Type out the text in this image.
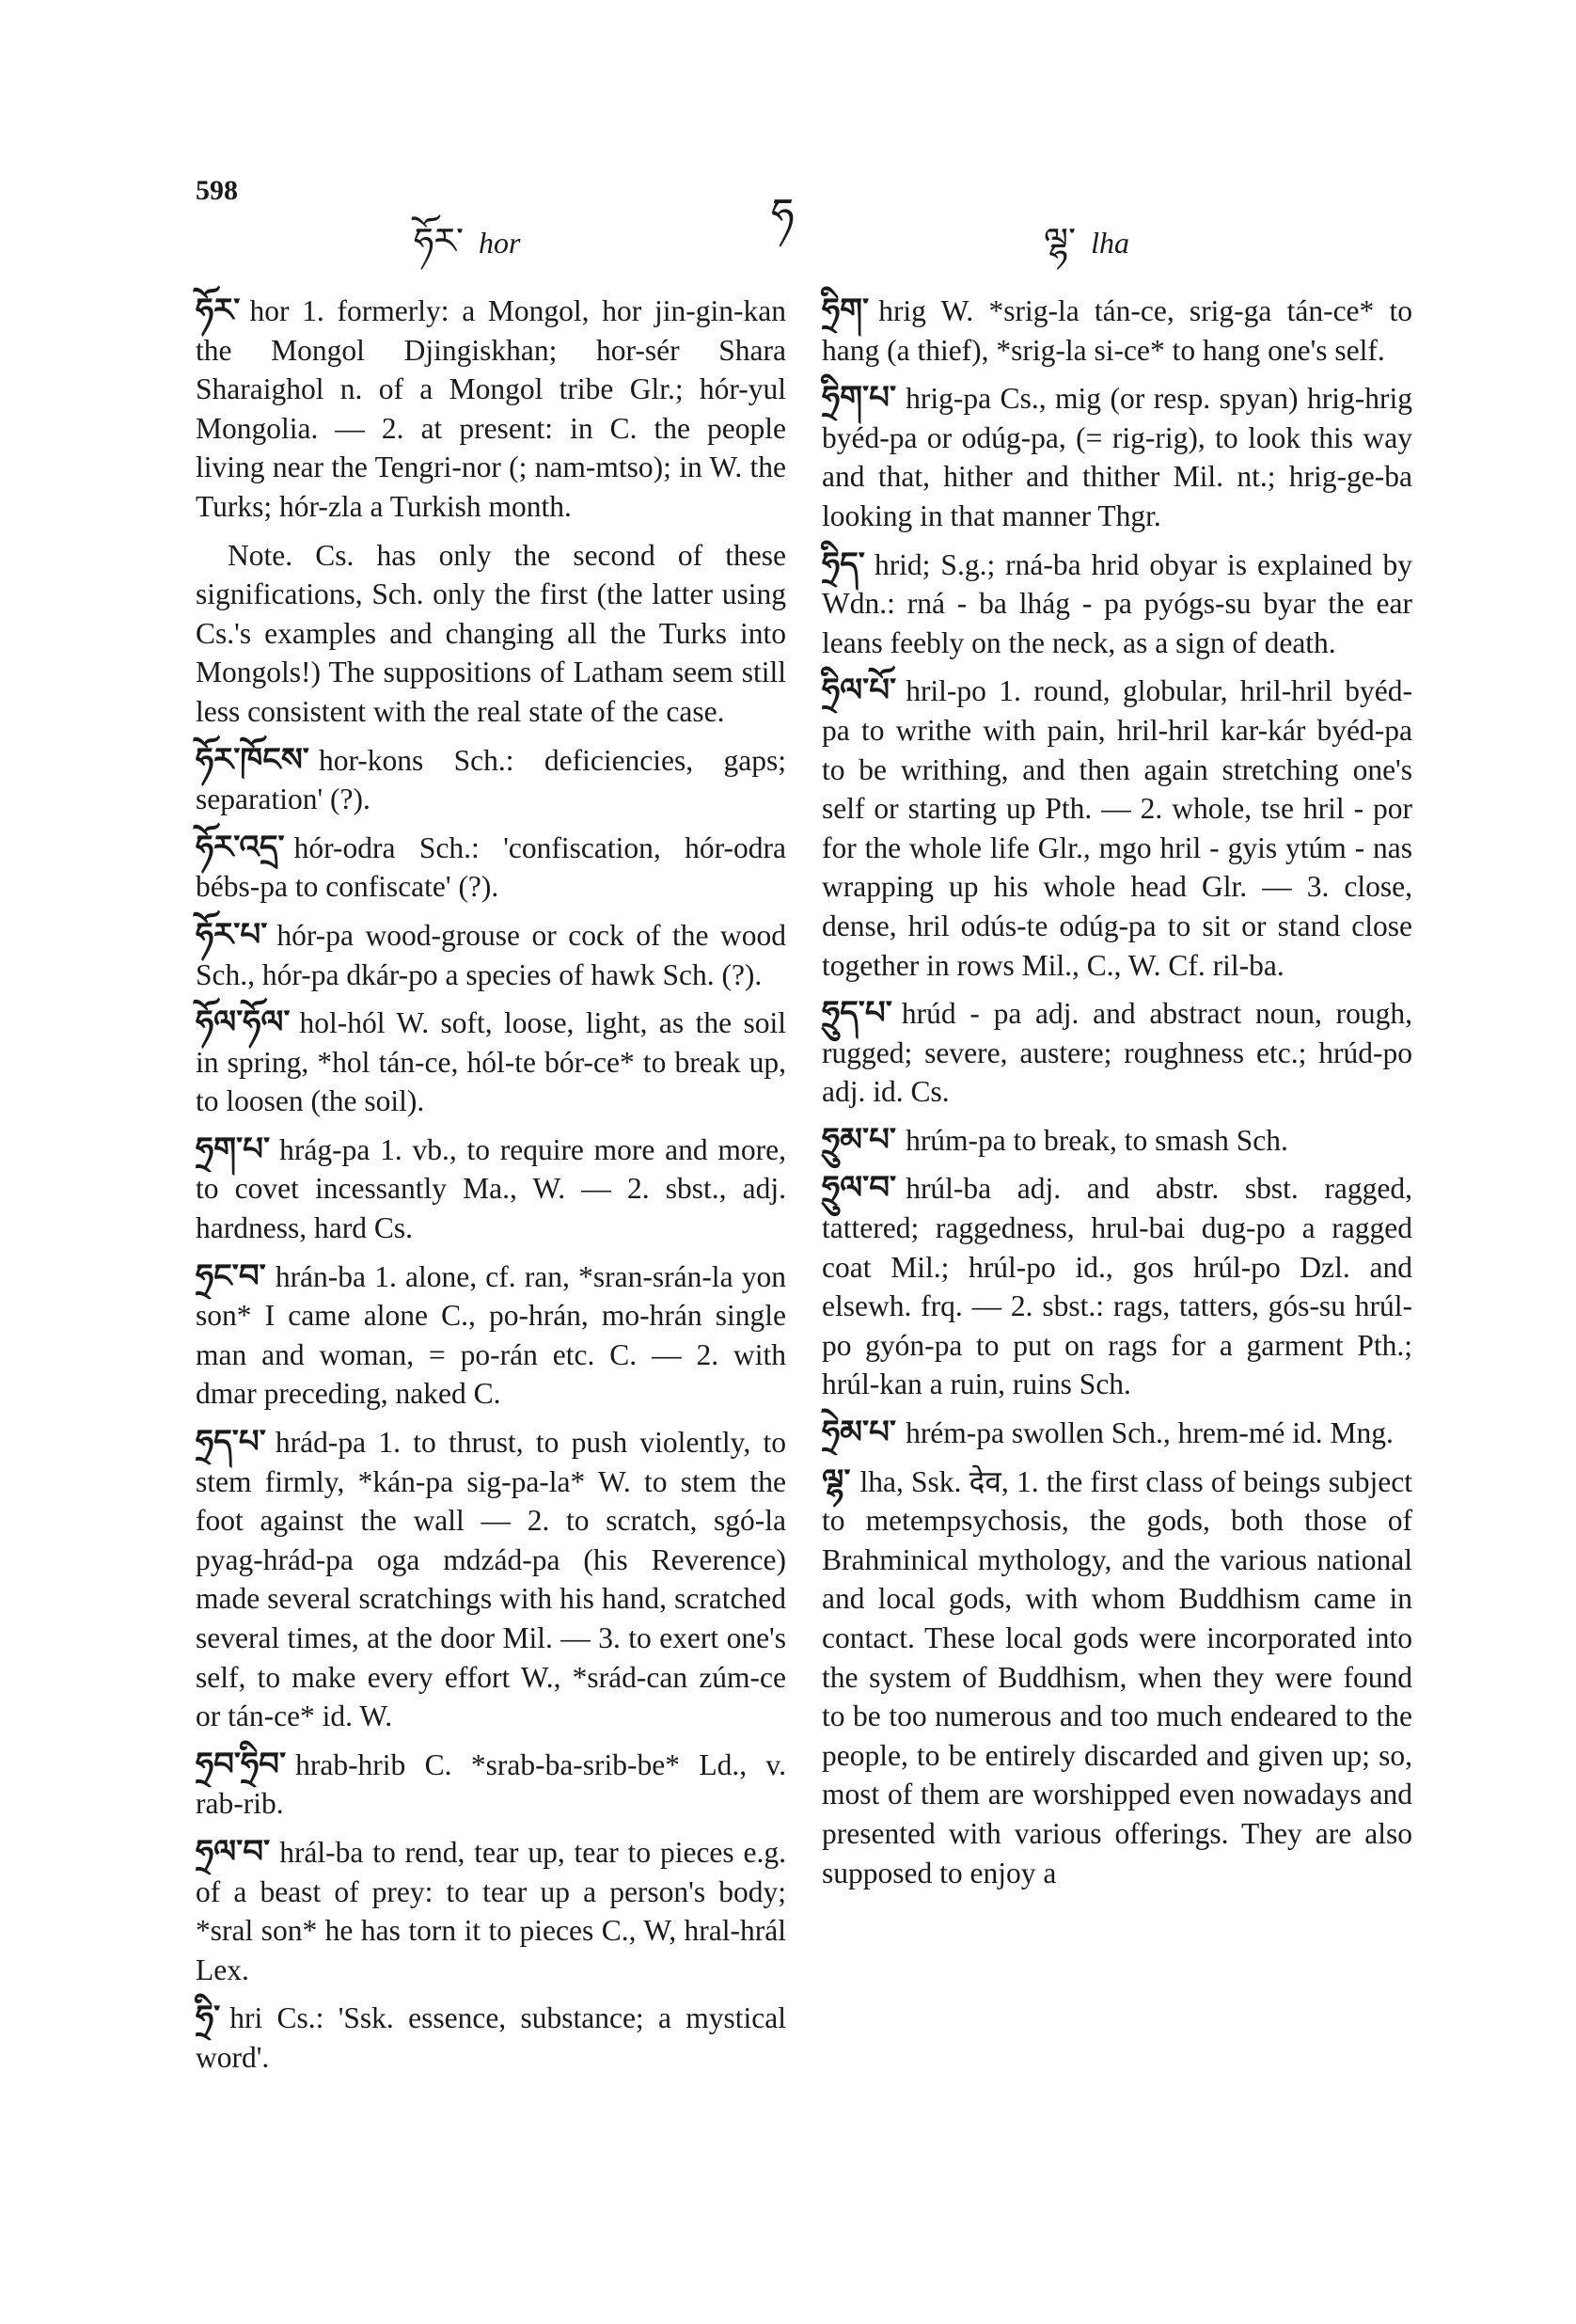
598
ཧོར་ hor
ཧ
ལྷ་ lha

ཧོར་ hor 1. formerly: a Mongol, hor jin-gin-kan the Mongol Djingiskhan; hor-sér Shara Sharaighol n. of a Mongol tribe Glr.; hór-yul Mongolia. — 2. at present: in C. the people living near the Tengri-nor (; nam-mtso); in W. the Turks; hór-zla a Turkish month.

Note. Cs. has only the second of these significations, Sch. only the first (the latter using Cs.'s examples and changing all the Turks into Mongols!) The suppositions of Latham seem still less consistent with the real state of the case.

ཧོར་ཁོངས་ hor-kons Sch.: deficiencies, gaps; separation' (?).

ཧོར་འདྲ་ hór-odra Sch.: 'confiscation, hór-odra bébs-pa to confiscate' (?).

ཧོར་པ་ hór-pa wood-grouse or cock of the wood Sch., hór-pa dkár-po a species of hawk Sch. (?).

ཧོལ་ཧོལ་ hol-hól W. soft, loose, light, as the soil in spring, *hol tán-ce, hól-te bór-ce* to break up, to loosen (the soil).

ཧྲག་པ་ hrág-pa 1. vb., to require more and more, to covet incessantly Ma., W. — 2. sbst., adj. hardness, hard Cs.

ཧྲང་བ་ hrán-ba 1. alone, cf. ran, *sran-srán-la yon son* I came alone C., po-hrán, mo-hrán single man and woman, = po-rán etc. C. — 2. with dmar preceding, naked C.

ཧྲད་པ་ hrád-pa 1. to thrust, to push violently, to stem firmly, *kán-pa sig-pa-la* W. to stem the foot against the wall — 2. to scratch, sgó-la pyag-hrád-pa oga mdzád-pa (his Reverence) made several scratchings with his hand, scratched several times, at the door Mil. — 3. to exert one's self, to make every effort W., *srád-can zúm-ce or tán-ce* id. W.

ཧྲབ་ཧྲིབ་ hrab-hrib C. *srab-ba-srib-be* Ld., v. rab-rib.

ཧྲལ་བ་ hrál-ba to rend, tear up, tear to pieces e.g. of a beast of prey: to tear up a person's body; *sral son* he has torn it to pieces C., W, hral-hrál Lex.

ཧྲི་ hri Cs.: 'Ssk. essence, substance; a mystical word'.

ཧྲིག་ hrig W. *srig-la tán-ce, srig-ga tán-ce* to hang (a thief), *srig-la si-ce* to hang one's self.

ཧྲིག་པ་ hrig-pa Cs., mig (or resp. spyan) hrig-hrig byéd-pa or odúg-pa, (= rig-rig), to look this way and that, hither and thither Mil. nt.; hrig-ge-ba looking in that manner Thgr.

ཧྲིད་ hrid; S.g.; rná-ba hrid obyar is explained by Wdn.: rná - ba lhág - pa pyógs-su byar the ear leans feebly on the neck, as a sign of death.

ཧྲིལ་པོ་ hril-po 1. round, globular, hril-hril byéd-pa to writhe with pain, hril-hril kar-kár byéd-pa to be writhing, and then again stretching one's self or starting up Pth. — 2. whole, tse hril - por for the whole life Glr., mgo hril - gyis ytúm - nas wrapping up his whole head Glr. — 3. close, dense, hril odús-te odúg-pa to sit or stand close together in rows Mil., C., W. Cf. ril-ba.

ཧྲུད་པ་ hrúd - pa adj. and abstract noun, rough, rugged; severe, austere; roughness etc.; hrúd-po adj. id. Cs.

ཧྲུམ་པ་ hrúm-pa to break, to smash Sch.

ཧྲུལ་བ་ hrúl-ba adj. and abstr. sbst. ragged, tattered; raggedness, hrul-bai dug-po a ragged coat Mil.; hrúl-po id., gos hrúl-po Dzl. and elsewh. frq. — 2. sbst.: rags, tatters, gós-su hrúl-po gyón-pa to put on rags for a garment Pth.; hrúl-kan a ruin, ruins Sch.

ཧྲེམ་པ་ hrém-pa swollen Sch., hrem-mé id. Mng.

ལྷ་ lha, Ssk. देव, 1. the first class of beings subject to metempsychosis, the gods, both those of Brahminical mythology, and the various national and local gods, with whom Buddhism came in contact. These local gods were incorporated into the system of Buddhism, when they were found to be too numerous and too much endeared to the people, to be entirely discarded and given up; so, most of them are worshipped even nowadays and presented with various offerings. They are also supposed to enjoy a
